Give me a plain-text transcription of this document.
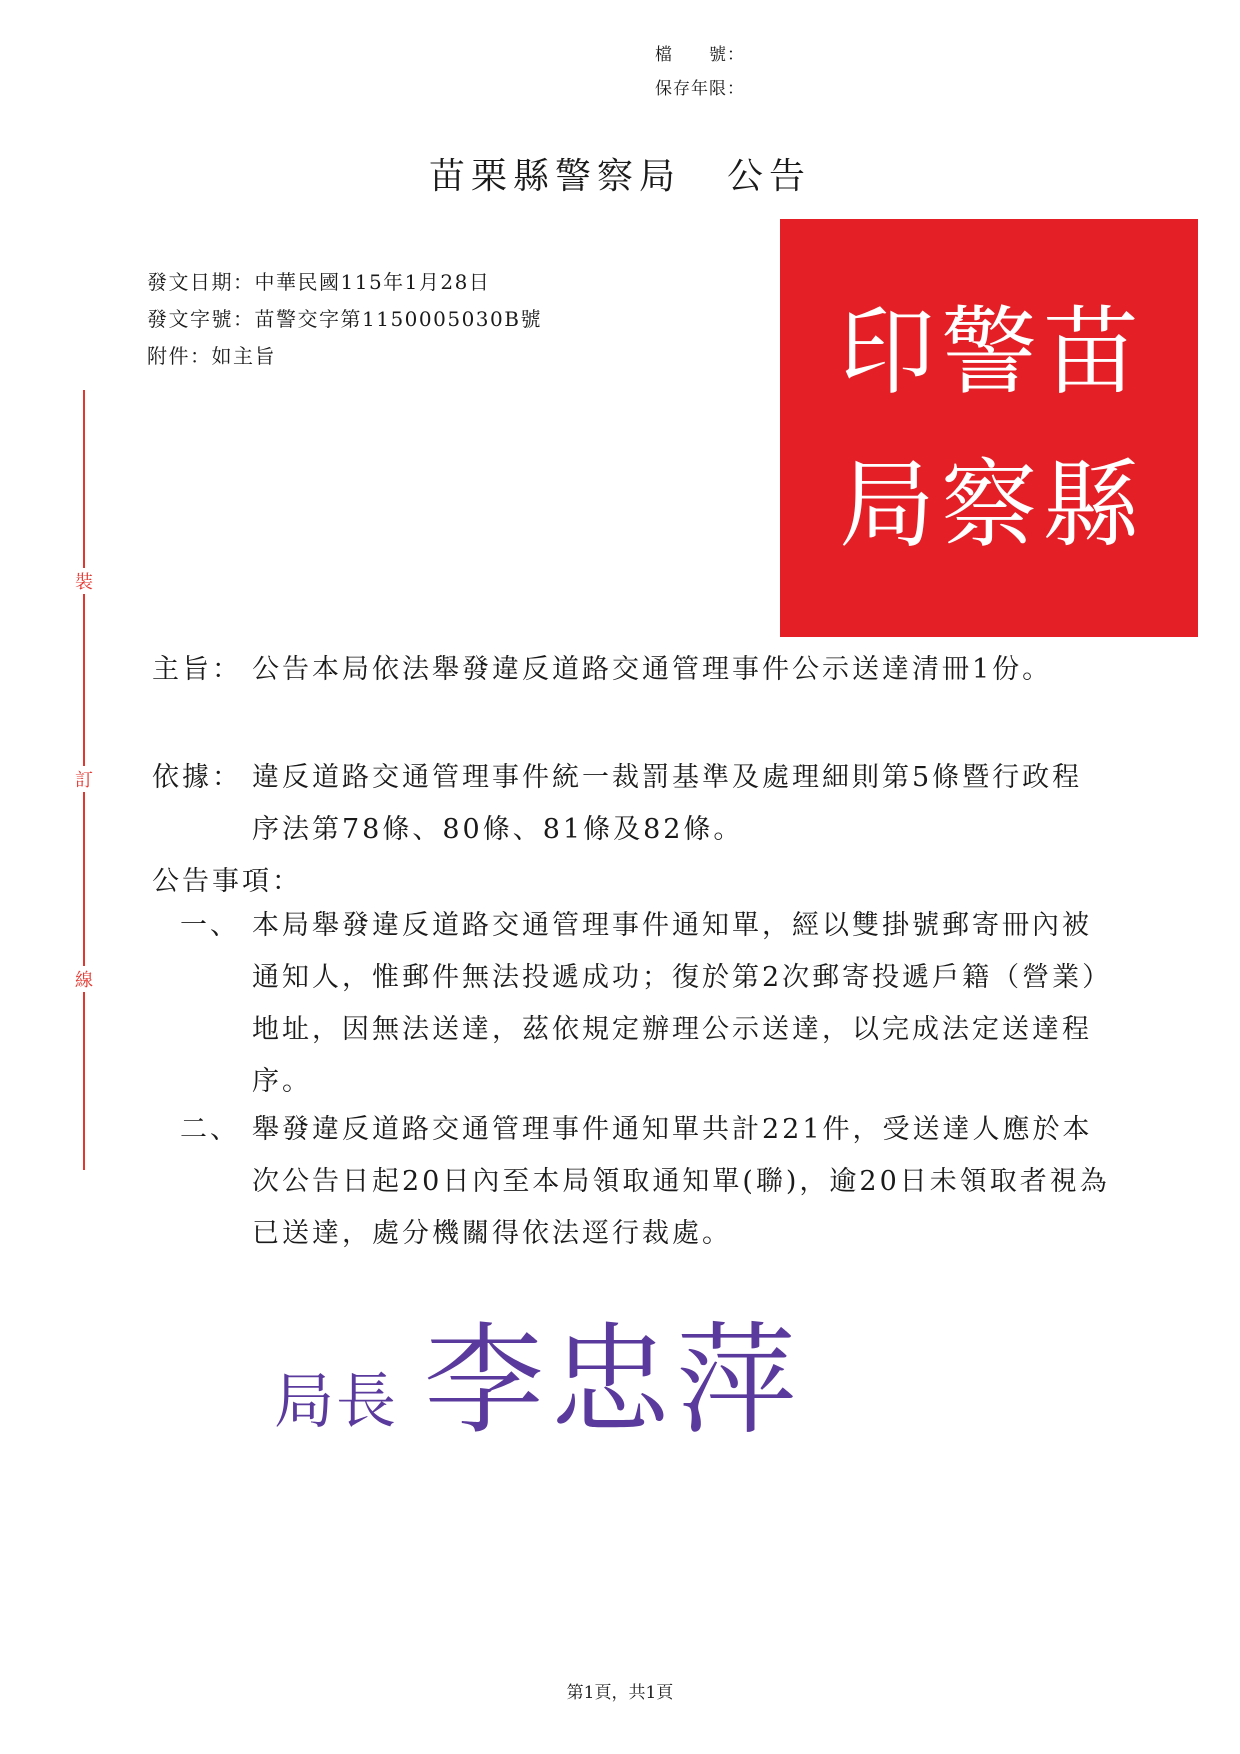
檔　　號：
保存年限：
苗栗縣警察局 公告
發文日期：中華民國115年1月28日
發文字號：苗警交字第1150005030B號
附件：如主旨	印 警 苗
局 察 縣
裝
訂
線

主旨： 公告本局依法舉發違反道路交通管理事件公示送達清冊1份。

依據： 違反道路交通管理事件統一裁罰基準及處理細則第5條暨行政程序法第78條、80條、81條及82條。

公告事項：

一、 本局舉發違反道路交通管理事件通知單，經以雙掛號郵寄冊內被通知人，惟郵件無法投遞成功；復於第2次郵寄投遞戶籍（營業）地址，因無法送達，茲依規定辦理公示送達，以完成法定送達程序。

二、 舉發違反道路交通管理事件通知單共計221件，受送達人應於本次公告日起20日內至本局領取通知單(聯)，逾20日未領取者視為已送達，處分機關得依法逕行裁處。

局長 李忠萍
第1頁，共1頁
